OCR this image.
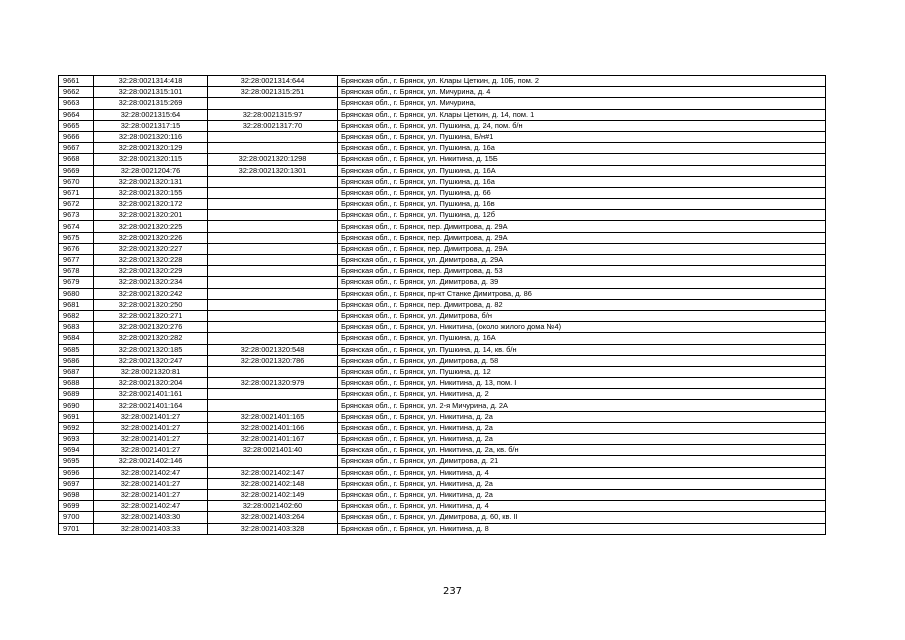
9661	32:28:0021314:418	32:28:0021314:644	Брянская обл., г. Брянск, ул. Клары Цеткин, д. 10Б, пом. 2
9662	32:28:0021315:101	32:28:0021315:251	Брянская обл., г. Брянск, ул. Мичурина, д. 4
9663	32:28:0021315:269		Брянская обл., г. Брянск, ул. Мичурина,
9664	32:28:0021315:64	32:28:0021315:97	Брянская обл., г. Брянск, ул. Клары Цеткин, д. 14, пом. 1
9665	32:28:0021317:15	32:28:0021317:70	Брянская обл., г. Брянск, ул. Пушкина, д. 24, пом. б/н
9666	32:28:0021320:116		Брянская обл., г. Брянск, ул. Пушкина, Б/н#1
9667	32:28:0021320:129		Брянская обл., г. Брянск, ул. Пушкина, д. 16а
9668	32:28:0021320:115	32:28:0021320:1298	Брянская обл., г. Брянск, ул. Никитина, д. 15Б
9669	32:28:0021204:76	32:28:0021320:1301	Брянская обл., г. Брянск, ул. Пушкина, д. 16А
9670	32:28:0021320:131		Брянская обл., г. Брянск, ул. Пушкина, д. 16а
9671	32:28:0021320:155		Брянская обл., г. Брянск, ул. Пушкина, д. 66
9672	32:28:0021320:172		Брянская обл., г. Брянск, ул. Пушкина, д. 16в
9673	32:28:0021320:201		Брянская обл., г. Брянск, ул. Пушкина, д. 12б
9674	32:28:0021320:225		Брянская обл., г. Брянск, пер. Димитрова, д. 29А
9675	32:28:0021320:226		Брянская обл., г. Брянск, пер. Димитрова, д. 29А
9676	32:28:0021320:227		Брянская обл., г. Брянск, пер. Димитрова, д. 29А
9677	32:28:0021320:228		Брянская обл., г. Брянск, ул. Димитрова, д. 29А
9678	32:28:0021320:229		Брянская обл., г. Брянск, пер. Димитрова, д. 53
9679	32:28:0021320:234		Брянская обл., г. Брянск, ул. Димитрова, д. 39
9680	32:28:0021320:242		Брянская обл., г. Брянск, пр-кт Станке Димитрова, д. 86
9681	32:28:0021320:250		Брянская обл., г. Брянск, пер. Димитрова, д. 82
9682	32:28:0021320:271		Брянская обл., г. Брянск, ул. Димитрова, б/н
9683	32:28:0021320:276		Брянская обл., г. Брянск, ул. Никитина, (около жилого дома №4)
9684	32:28:0021320:282		Брянская обл., г. Брянск, ул. Пушкина, д. 16А
9685	32:28:0021320:185	32:28:0021320:548	Брянская обл., г. Брянск, ул. Пушкина, д. 14, кв. б/н
9686	32:28:0021320:247	32:28:0021320:786	Брянская обл., г. Брянск, ул. Димитрова, д. 58
9687	32:28:0021320:81		Брянская обл., г. Брянск, ул. Пушкина, д. 12
9688	32:28:0021320:204	32:28:0021320:979	Брянская обл., г. Брянск, ул. Никитина, д. 13, пом. I
9689	32:28:0021401:161		Брянская обл., г. Брянск, ул. Никитина, д. 2
9690	32:28:0021401:164		Брянская обл., г. Брянск, ул. 2-я Мичурина, д. 2А
9691	32:28:0021401:27	32:28:0021401:165	Брянская обл., г. Брянск, ул. Никитина, д. 2а
9692	32:28:0021401:27	32:28:0021401:166	Брянская обл., г. Брянск, ул. Никитина, д. 2а
9693	32:28:0021401:27	32:28:0021401:167	Брянская обл., г. Брянск, ул. Никитина, д. 2а
9694	32:28:0021401:27	32:28:0021401:40	Брянская обл., г. Брянск, ул. Никитина, д. 2а, кв. б/н
9695	32:28:0021402:146		Брянская обл., г. Брянск, ул. Димитрова, д. 21
9696	32:28:0021402:47	32:28:0021402:147	Брянская обл., г. Брянск, ул. Никитина, д. 4
9697	32:28:0021401:27	32:28:0021402:148	Брянская обл., г. Брянск, ул. Никитина, д. 2а
9698	32:28:0021401:27	32:28:0021402:149	Брянская обл., г. Брянск, ул. Никитина, д. 2а
9699	32:28:0021402:47	32:28:0021402:60	Брянская обл., г. Брянск, ул. Никитина, д. 4
9700	32:28:0021403:30	32:28:0021403:264	Брянская обл., г. Брянск, ул. Димитрова, д. 60, кв. II
9701	32:28:0021403:33	32:28:0021403:328	Брянская обл., г. Брянск, ул. Никитина, д. 8
237
